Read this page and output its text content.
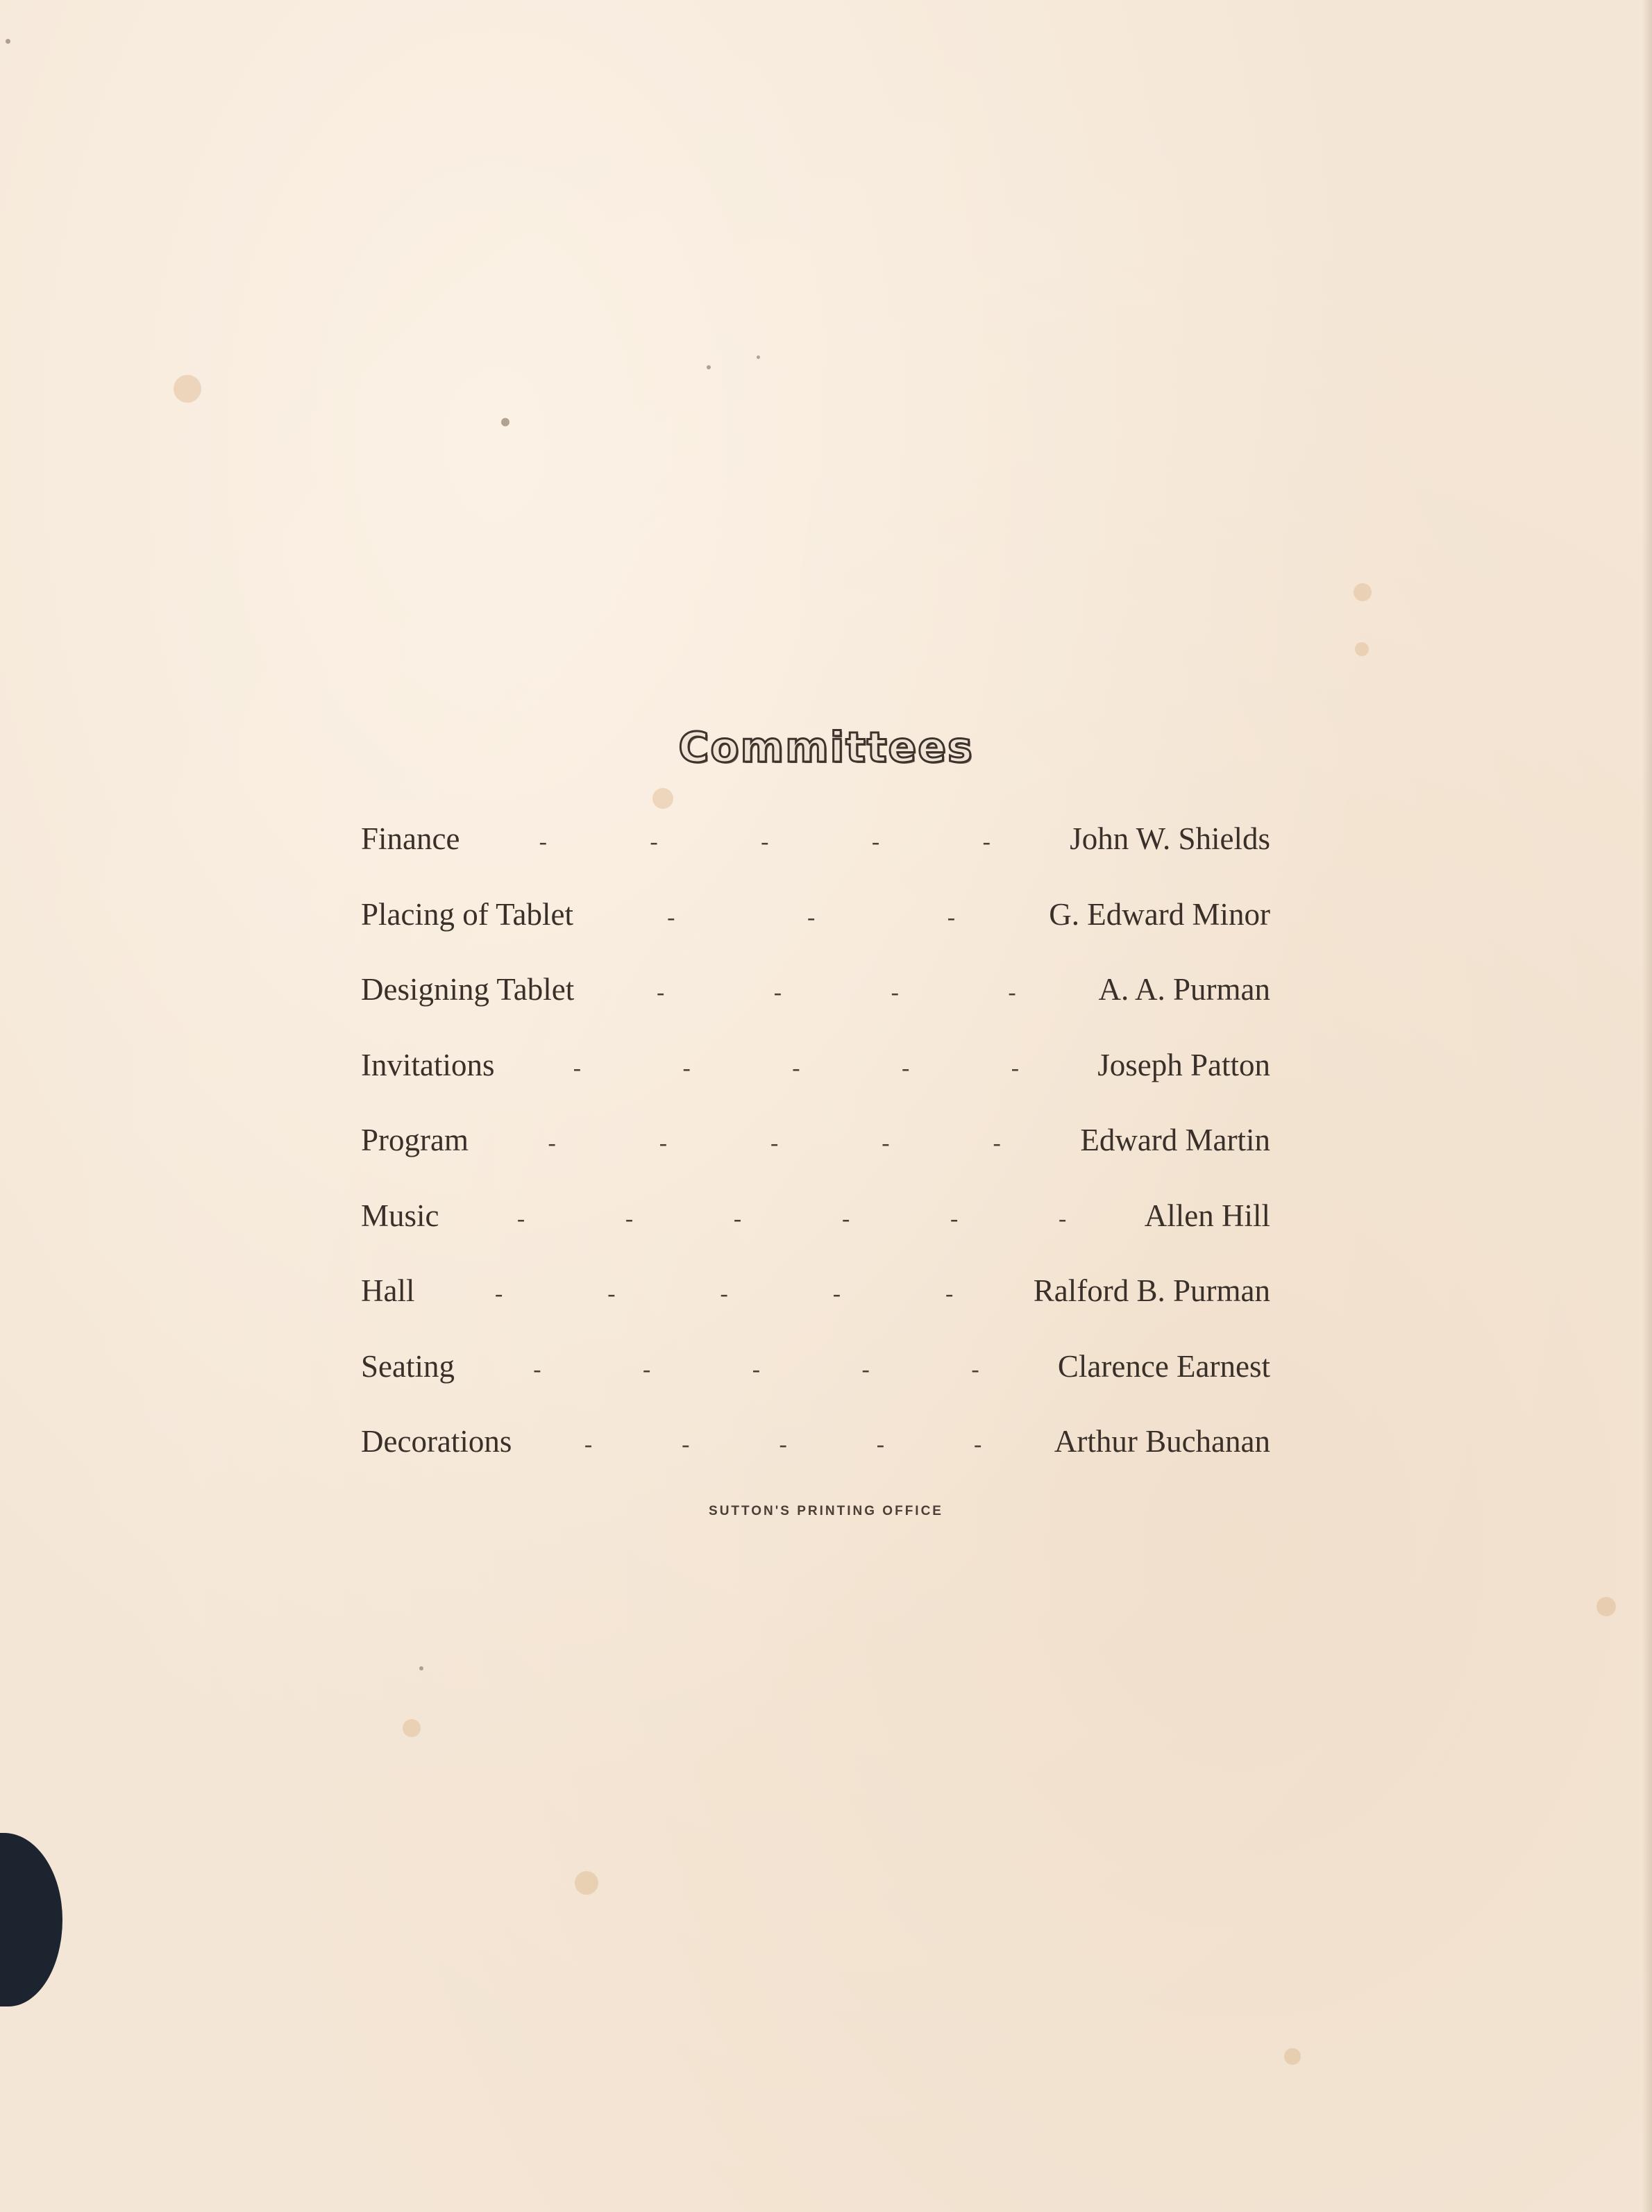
Committees
Finance	-	-	-	-	-	John W. Shields
Placing of Tablet	-	-	-	G. Edward Minor
Designing Tablet	-	-	-	-	A. A. Purman
Invitations	-	-	-	-	-	Joseph Patton
Program	-	-	-	-	-	Edward Martin
Music	-	-	-	-	-	- Allen Hill
Hall	-	-	-	-	-	Ralford B. Purman
Seating	-	-	-	-	-	Clarence Earnest
Decorations	-	-	-	-	- Arthur Buchanan
SUTTON'S PRINTING OFFICE
